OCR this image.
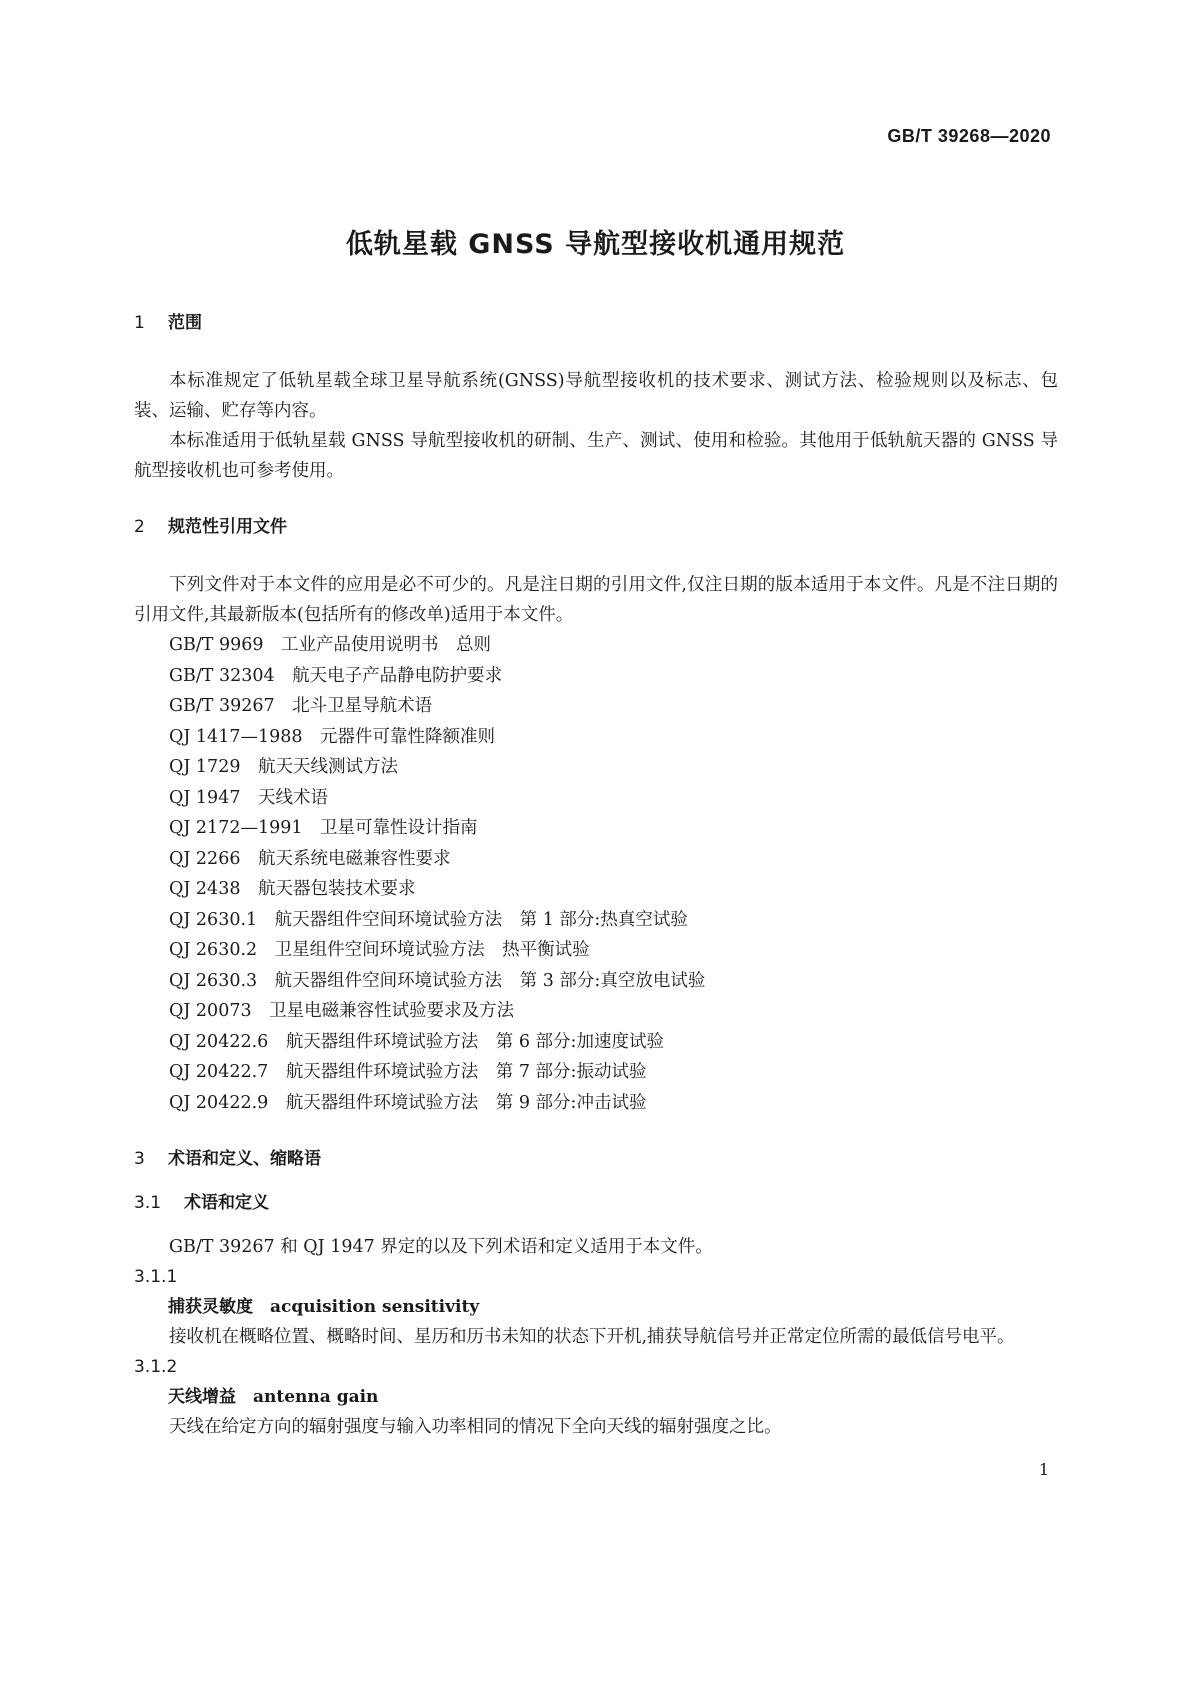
GB/T 39268—2020
低轨星载 GNSS 导航型接收机通用规范
1 范围

本标准规定了低轨星载全球卫星导航系统(GNSS)导航型接收机的技术要求、测试方法、检验规则以及标志、包装、运输、贮存等内容。

本标准适用于低轨星载 GNSS 导航型接收机的研制、生产、测试、使用和检验。其他用于低轨航天器的 GNSS 导航型接收机也可参考使用。

2 规范性引用文件

下列文件对于本文件的应用是必不可少的。凡是注日期的引用文件,仅注日期的版本适用于本文件。凡是不注日期的引用文件,其最新版本(包括所有的修改单)适用于本文件。

GB/T 9969 工业产品使用说明书　总则
GB/T 32304 航天电子产品静电防护要求
GB/T 39267 北斗卫星导航术语
QJ 1417—1988 元器件可靠性降额准则
QJ 1729 航天天线测试方法
QJ 1947 天线术语
QJ 2172—1991 卫星可靠性设计指南
QJ 2266 航天系统电磁兼容性要求
QJ 2438 航天器包装技术要求
QJ 2630.1 航天器组件空间环境试验方法　第 1 部分:热真空试验
QJ 2630.2 卫星组件空间环境试验方法　热平衡试验
QJ 2630.3 航天器组件空间环境试验方法　第 3 部分:真空放电试验
QJ 20073 卫星电磁兼容性试验要求及方法
QJ 20422.6 航天器组件环境试验方法　第 6 部分:加速度试验
QJ 20422.7 航天器组件环境试验方法　第 7 部分:振动试验
QJ 20422.9 航天器组件环境试验方法　第 9 部分:冲击试验
3 术语和定义、缩略语
3.1 术语和定义

GB/T 39267 和 QJ 1947 界定的以及下列术语和定义适用于本文件。

3.1.1
捕获灵敏度 acquisition sensitivity

接收机在概略位置、概略时间、星历和历书未知的状态下开机,捕获导航信号并正常定位所需的最低信号电平。

3.1.2
天线增益 antenna gain

天线在给定方向的辐射强度与输入功率相同的情况下全向天线的辐射强度之比。

1
